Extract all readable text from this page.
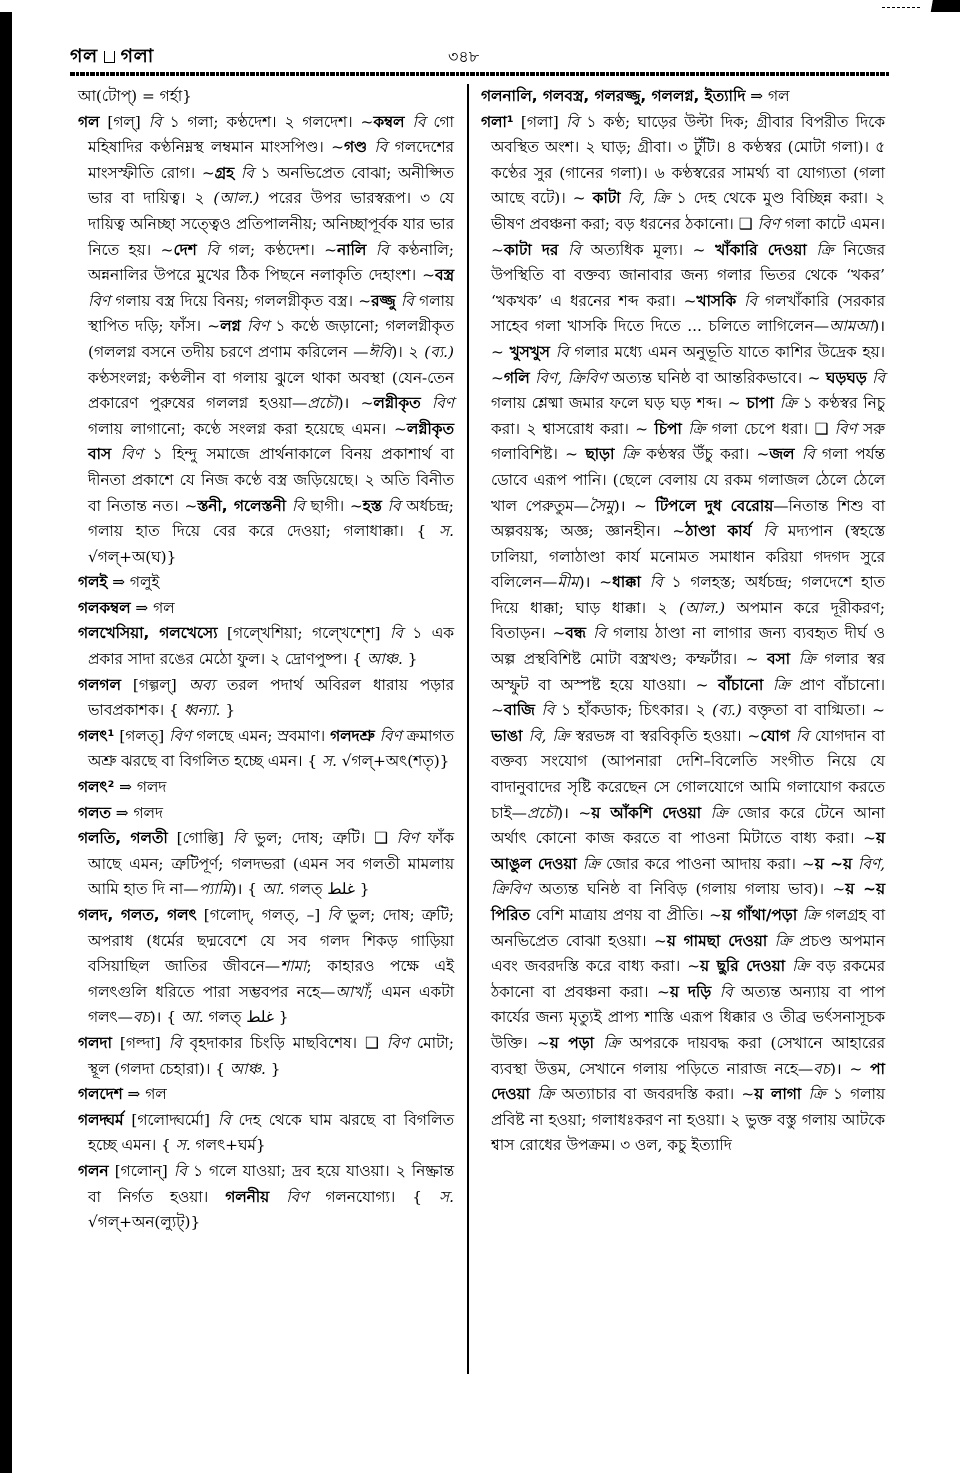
গল গলা	৩৪৮

আ(টোপ্) = গর্হা}

গল [গল্] বি ১ গলা; কণ্ঠদেশ। ২ গলদেশ। ~কম্বল বি গো মহিষাদির কণ্ঠনিম্নস্থ লম্বমান মাংসপিণ্ড। ~গণ্ড বি গলদেশের মাংসস্ফীতি রোগ। ~গ্রহ বি ১ অনভিপ্রেত বোঝা; অনীপ্সিত ভার বা দায়িত্ব। ২ (আল.) পরের উপর ভারস্বরূপ। ৩ যে দায়িত্ব অনিচ্ছা সত্ত্বেও প্রতিপালনীয়; অনিচ্ছাপূর্বক যার ভার নিতে হয়। ~দেশ বি গল; কণ্ঠদেশ। ~নালি বি কণ্ঠনালি; অন্ননালির উপরে মুখের ঠিক পিছনে নলাকৃতি দেহাংশ। ~বস্ত্র বিণ গলায় বস্ত্র দিয়ে বিনয়; গললগ্নীকৃত বস্ত্র। ~রজ্জু বি গলায় স্থাপিত দড়ি; ফাঁস। ~লগ্ন বিণ ১ কণ্ঠে জড়ানো; গললগ্নীকৃত (গললগ্ন বসনে তদীয় চরণে প্রণাম করিলেন —ঈবি)। ২ (ব্য.) কণ্ঠসংলগ্ন; কণ্ঠলীন বা গলায় ঝুলে থাকা অবস্থা (যেন-তেন প্রকারেণ পুরুষের গললগ্ন হওয়া—প্রচৌ)। ~লগ্নীকৃত বিণ গলায় লাগানো; কণ্ঠে সংলগ্ন করা হয়েছে এমন। ~লগ্নীকৃত বাস বিণ ১ হিন্দু সমাজে প্রার্থনাকালে বিনয় প্রকাশার্থ বা দীনতা প্রকাশে যে নিজ কণ্ঠে বস্ত্র জড়িয়েছে। ২ অতি বিনীত বা নিতান্ত নত। ~স্তনী, গলেস্তনী বি ছাগী। ~হস্ত বি অর্ধচন্দ্র; গলায় হাত দিয়ে বের করে দেওয়া; গলাধাক্কা। { স. √গল্+অ(ঘ)}

গলই ⇒ গলুই

গলকম্বল ⇒ গল

গলখেসিয়া, গলখেস্যে [গল্খেশিয়া; গল্খেশ্শে] বি ১ এক প্রকার সাদা রঙের মেঠো ফুল। ২ দ্রোণপুষ্প। { আঞ্চ. }

গলগল [গল্গল্] অব্য তরল পদার্থ অবিরল ধারায় পড়ার ভাবপ্রকাশক। { ধ্বন্যা. }

গলৎ¹ [গলত্] বিণ গলছে এমন; স্রবমাণ। গলদশ্রু বিণ ক্রমাগত অশ্রু ঝরছে বা বিগলিত হচ্ছে এমন। { স. √গল্+অৎ(শতৃ)}

গলৎ² ⇒ গলদ

গলত ⇒ গলদ

গলতি, গলতী [গোল্তি] বি ভুল; দোষ; ত্রুটি। ❑ বিণ ফাঁক আছে এমন; ত্রুটিপূর্ণ; গলদভরা (এমন সব গলতী মামলায় আমি হাত দি না—প্যামি)। { আ. গলত্ غلط }

গলদ, গলত, গলৎ [গলোদ্, গলত্, –] বি ভুল; দোষ; ত্রুটি; অপরাধ (ধর্মের ছদ্মবেশে যে সব গলদ শিকড় গাড়িয়া বসিয়াছিল জাতির জীবনে—শামা; কাহারও পক্ষে এই গলৎগুলি ধরিতে পারা সম্ভবপর নহে—আখাঁ; এমন একটা গলৎ—বচ)। { আ. গলত্ غلط }

গলদা [গল্দা] বি বৃহদাকার চিংড়ি মাছবিশেষ। ❑ বিণ মোটা; স্থূল (গলদা চেহারা)। { আঞ্চ. }

গলদেশ ⇒ গল

গলদ্ঘর্ম [গলোদ্ঘর্মো] বি দেহ থেকে ঘাম ঝরছে বা বিগলিত হচ্ছে এমন। { স. গলৎ+ঘর্ম}

গলন [গলোন্] বি ১ গলে যাওয়া; দ্রব হয়ে যাওয়া। ২ নিষ্ক্রান্ত বা নির্গত হওয়া। গলনীয় বিণ গলনযোগ্য। { স. √গল্+অন(ল্যুট্)}

গলনালি, গলবস্ত্র, গলরজ্জু, গললগ্ন, ইত্যাদি ⇒ গল

গলা¹ [গলা] বি ১ কণ্ঠ; ঘাড়ের উল্টা দিক; গ্রীবার বিপরীত দিকে অবস্থিত অংশ। ২ ঘাড়; গ্রীবা। ৩ টুঁটি। ৪ কণ্ঠস্বর (মোটা গলা)। ৫ কণ্ঠের সুর (গানের গলা)। ৬ কণ্ঠস্বরের সামর্থ্য বা যোগ্যতা (গলা আছে বটে)। ~ কাটা বি, ক্রি ১ দেহ থেকে মুণ্ড বিচ্ছিন্ন করা। ২ ভীষণ প্রবঞ্চনা করা; বড় ধরনের ঠকানো। ❑ বিণ গলা কাটে এমন। ~কাটা দর বি অত্যধিক মূল্য। ~ খাঁকারি দেওয়া ক্রি নিজের উপস্থিতি বা বক্তব্য জানাবার জন্য গলার ভিতর থেকে ‘খকর’ ‘খকখক’ এ ধরনের শব্দ করা। ~খাসকি বি গলখাঁকারি (সরকার সাহেব গলা খাসকি দিতে দিতে ... চলিতে লাগিলেন—আমআ)। ~ খুসখুস বি গলার মধ্যে এমন অনুভূতি যাতে কাশির উদ্রেক হয়। ~গলি বিণ, ক্রিবিণ অত্যন্ত ঘনিষ্ঠ বা আন্তরিকভাবে। ~ ঘড়ঘড় বি গলায় শ্লেষ্মা জমার ফলে ঘড় ঘড় শব্দ। ~ চাপা ক্রি ১ কণ্ঠস্বর নিচু করা। ২ শ্বাসরোধ করা। ~ চিপা ক্রি গলা চেপে ধরা। ❑ বিণ সরু গলাবিশিষ্ট। ~ ছাড়া ক্রি কণ্ঠস্বর উঁচু করা। ~জল বি গলা পর্যন্ত ডোবে এরূপ পানি। (ছেলে বেলায় যে রকম গলাজল ঠেলে ঠেলে খাল পেরুতুম—সৈমু)। ~ টিপলে দুধ বেরোয়—নিতান্ত শিশু বা অল্পবয়স্ক; অজ্ঞ; জ্ঞানহীন। ~ঠাণ্ডা কার্য বি মদ্যপান (স্বহস্তে ঢালিয়া, গলাঠাণ্ডা কার্য মনোমত সমাধান করিয়া গদগদ সুরে বলিলেন—মীম)। ~ধাক্কা বি ১ গলহস্ত; অর্ধচন্দ্র; গলদেশে হাত দিয়ে ধাক্কা; ঘাড় ধাক্কা। ২ (আল.) অপমান করে দূরীকরণ; বিতাড়ন। ~বন্ধ বি গলায় ঠাণ্ডা না লাগার জন্য ব্যবহৃত দীর্ঘ ও অল্প প্রস্থবিশিষ্ট মোটা বস্ত্রখণ্ড; কম্ফর্টার। ~ বসা ক্রি গলার স্বর অস্ফুট বা অস্পষ্ট হয়ে যাওয়া। ~ বাঁচানো ক্রি প্রাণ বাঁচানো। ~বাজি বি ১ হাঁকডাক; চিৎকার। ২ (ব্য.) বক্তৃতা বা বাগ্মিতা। ~ ভাঙা বি, ক্রি স্বরভঙ্গ বা স্বরবিকৃতি হওয়া। ~যোগ বি যোগদান বা বক্তব্য সংযোগ (আপনারা দেশি–বিলেতি সংগীত নিয়ে যে বাদানুবাদের সৃষ্টি করেছেন সে গোলযোগে আমি গলাযোগ করতে চাই—প্রচৌ)। ~য় আঁকশি দেওয়া ক্রি জোর করে টেনে আনা অর্থাৎ কোনো কাজ করতে বা পাওনা মিটাতে বাধ্য করা। ~য় আঙুল দেওয়া ক্রি জোর করে পাওনা আদায় করা। ~য় ~য় বিণ, ক্রিবিণ অত্যন্ত ঘনিষ্ঠ বা নিবিড় (গলায় গলায় ভাব)। ~য় ~য় পিরিত বেশি মাত্রায় প্রণয় বা প্রীতি। ~য় গাঁথা/পড়া ক্রি গলগ্রহ বা অনভিপ্রেত বোঝা হওয়া। ~য় গামছা দেওয়া ক্রি প্রচণ্ড অপমান এবং জবরদস্তি করে বাধ্য করা। ~য় ছুরি দেওয়া ক্রি বড় রকমের ঠকানো বা প্রবঞ্চনা করা। ~য় দড়ি বি অত্যন্ত অন্যায় বা পাপ কার্যের জন্য মৃত্যুই প্রাপ্য শাস্তি এরূপ ধিক্কার ও তীব্র ভর্ৎসনাসূচক উক্তি। ~য় পড়া ক্রি অপরকে দায়বদ্ধ করা (সেখানে আহারের ব্যবস্থা উত্তম, সেখানে গলায় পড়িতে নারাজ নহে—বচ)। ~ পা দেওয়া ক্রি অত্যাচার বা জবরদস্তি করা। ~য় লাগা ক্রি ১ গলায় প্রবিষ্ট না হওয়া; গলাধঃকরণ না হওয়া। ২ ভুক্ত বস্তু গলায় আটকে শ্বাস রোধের উপক্রম। ৩ ওল, কচু ইত্যাদি
